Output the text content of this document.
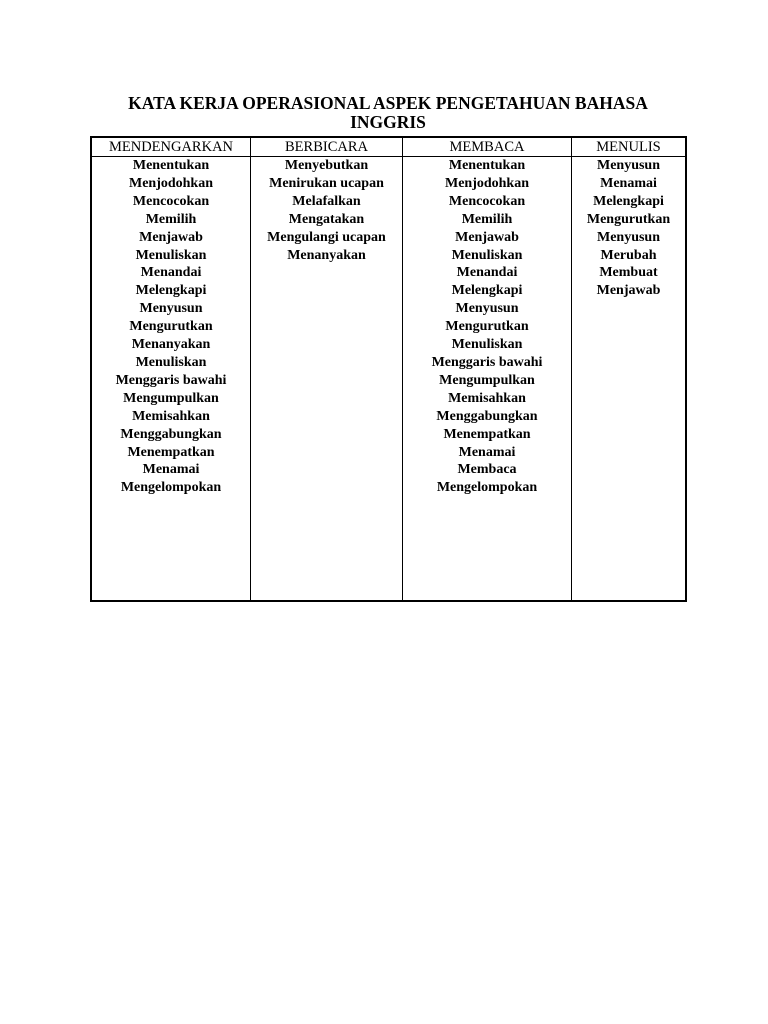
KATA KERJA OPERASIONAL ASPEK PENGETAHUAN BAHASA
INGGRIS
MENDENGARKAN
Menentukan
Menjodohkan
Mencocokan
Memilih
Menjawab
Menuliskan
Menandai
Melengkapi
Menyusun
Mengurutkan
Menanyakan
Menuliskan
Menggaris bawahi
Mengumpulkan
Memisahkan
Menggabungkan
Menempatkan
Menamai
Mengelompokan
BERBICARA
Menyebutkan
Menirukan ucapan
Melafalkan
Mengatakan
Mengulangi ucapan
Menanyakan
MEMBACA
Menentukan
Menjodohkan
Mencocokan
Memilih
Menjawab
Menuliskan
Menandai
Melengkapi
Menyusun
Mengurutkan
Menuliskan
Menggaris bawahi
Mengumpulkan
Memisahkan
Menggabungkan
Menempatkan
Menamai
Membaca
Mengelompokan
MENULIS
Menyusun
Menamai
Melengkapi
Mengurutkan
Menyusun
Merubah
Membuat
Menjawab
